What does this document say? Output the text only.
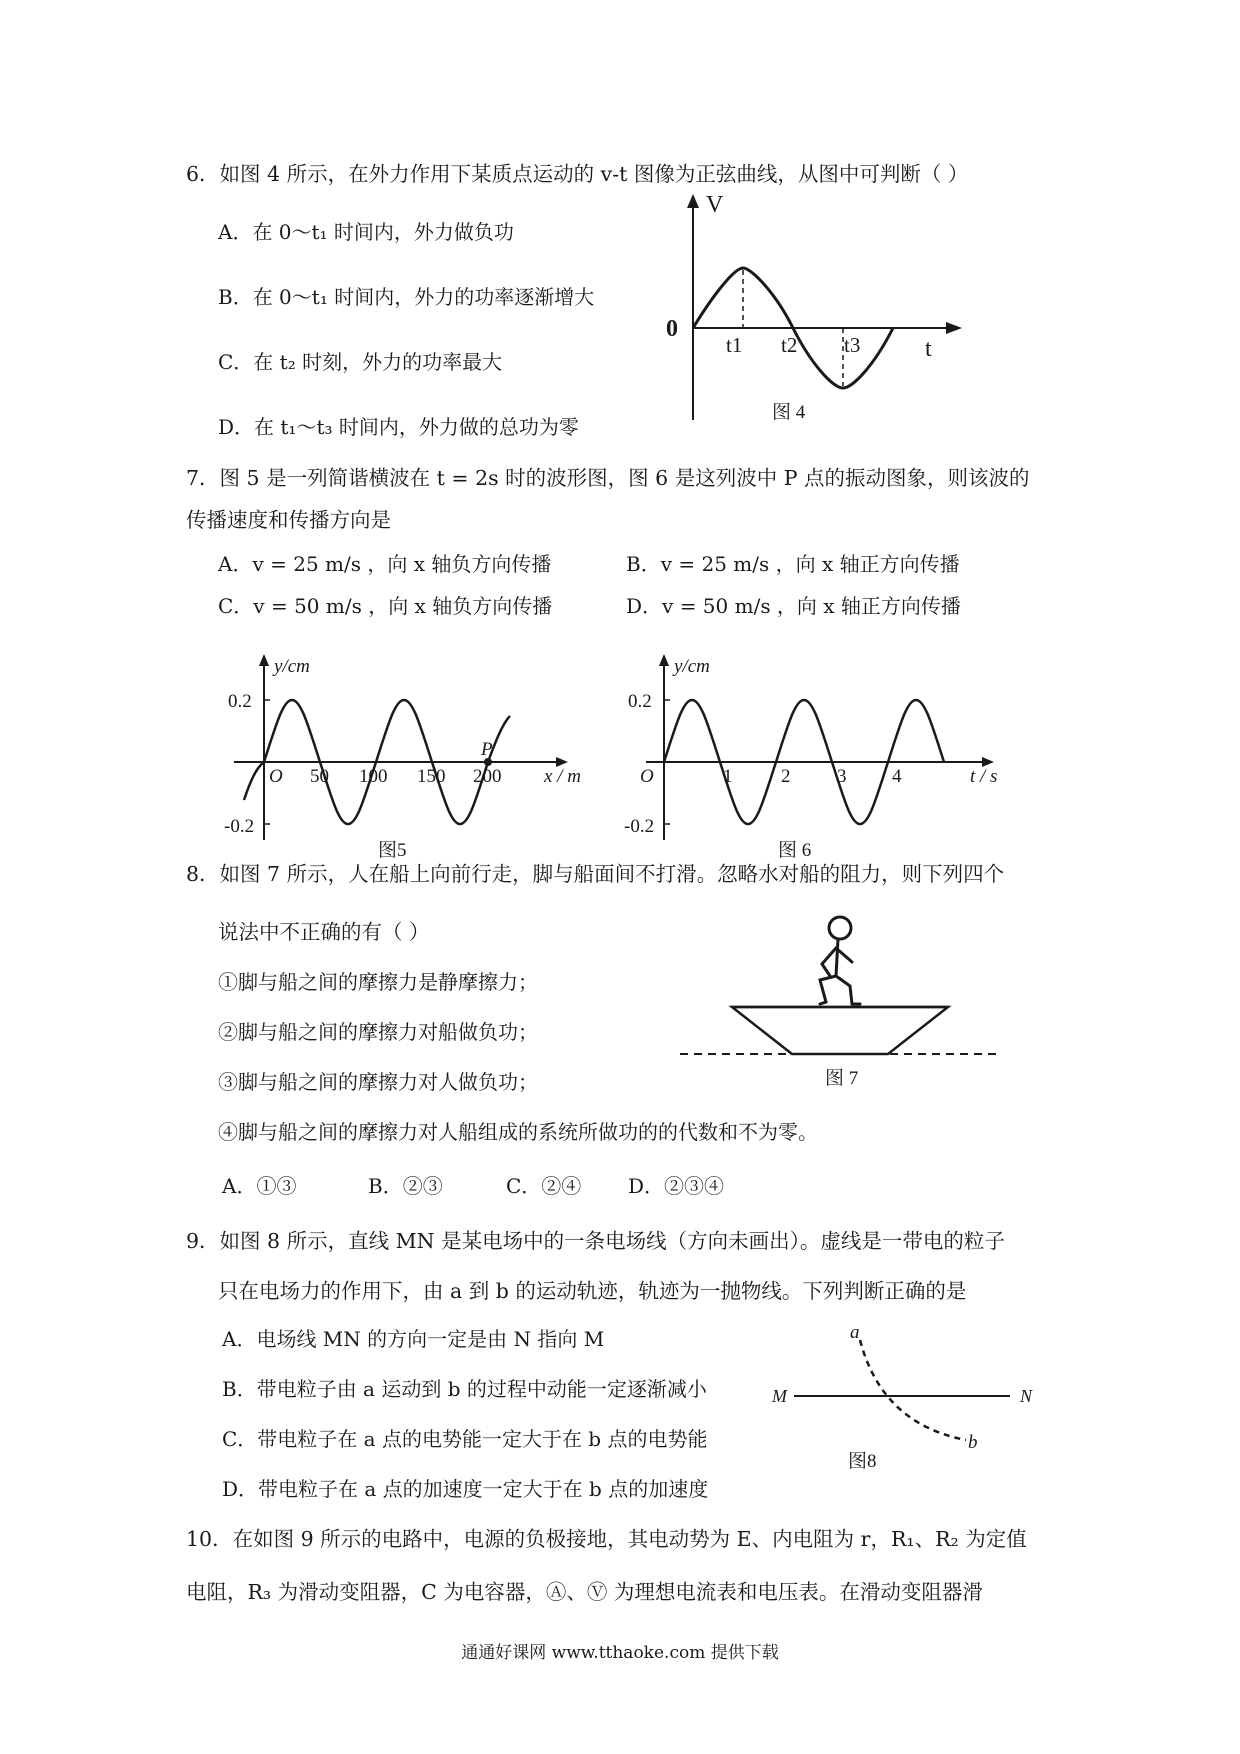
6．如图 4 所示，在外力作用下某质点运动的 v-t 图像为正弦曲线，从图中可判断（ ）
A．在 0～t₁ 时间内，外力做负功
B．在 0～t₁ 时间内，外力的功率逐渐增大
C．在 t₂ 时刻，外力的功率最大
D．在 t₁～t₃ 时间内，外力做的总功为零
V
0
t1 t2 t3	t
图 4
7．图 5 是一列简谐横波在 t = 2s 时的波形图，图 6 是这列波中 P 点的振动图象，则该波的
传播速度和传播方向是
A．v = 25 m/s ，向 x 轴负方向传播	B．v = 25 m/s ，向 x 轴正方向传播
C．v = 50 m/s ，向 x 轴负方向传播	D．v = 50 m/s ，向 x 轴正方向传播
y/cm
0.2
-0.2
O 50 100 150 200
P
x / m
图5
y/cm
0.2
-0.2
O	1	2 3 4	t / s
图 6
8．如图 7 所示，人在船上向前行走，脚与船面间不打滑。忽略水对船的阻力，则下列四个
说法中不正确的有（ ）
①脚与船之间的摩擦力是静摩擦力；
②脚与船之间的摩擦力对船做负功；
③脚与船之间的摩擦力对人做负功；
④脚与船之间的摩擦力对人船组成的系统所做功的的代数和不为零。
A．①③	B．②③	C．②④ D．②③④
图 7
9．如图 8 所示，直线 MN 是某电场中的一条电场线（方向未画出）。虚线是一带电的粒子
只在电场力的作用下，由 a 到 b 的运动轨迹，轨迹为一抛物线。下列判断正确的是
A．电场线 MN 的方向一定是由 N 指向 M
B．带电粒子由 a 运动到 b 的过程中动能一定逐渐减小
C．带电粒子在 a 点的电势能一定大于在 b 点的电势能
D．带电粒子在 a 点的加速度一定大于在 b 点的加速度
a
b
M	N
图8
10．在如图 9 所示的电路中，电源的负极接地，其电动势为 E、内电阻为 r，R₁、R₂ 为定值
电阻，R₃ 为滑动变阻器，C 为电容器，Ⓐ、Ⓥ 为理想电流表和电压表。在滑动变阻器滑
通通好课网 www.tthaoke.com 提供下载
